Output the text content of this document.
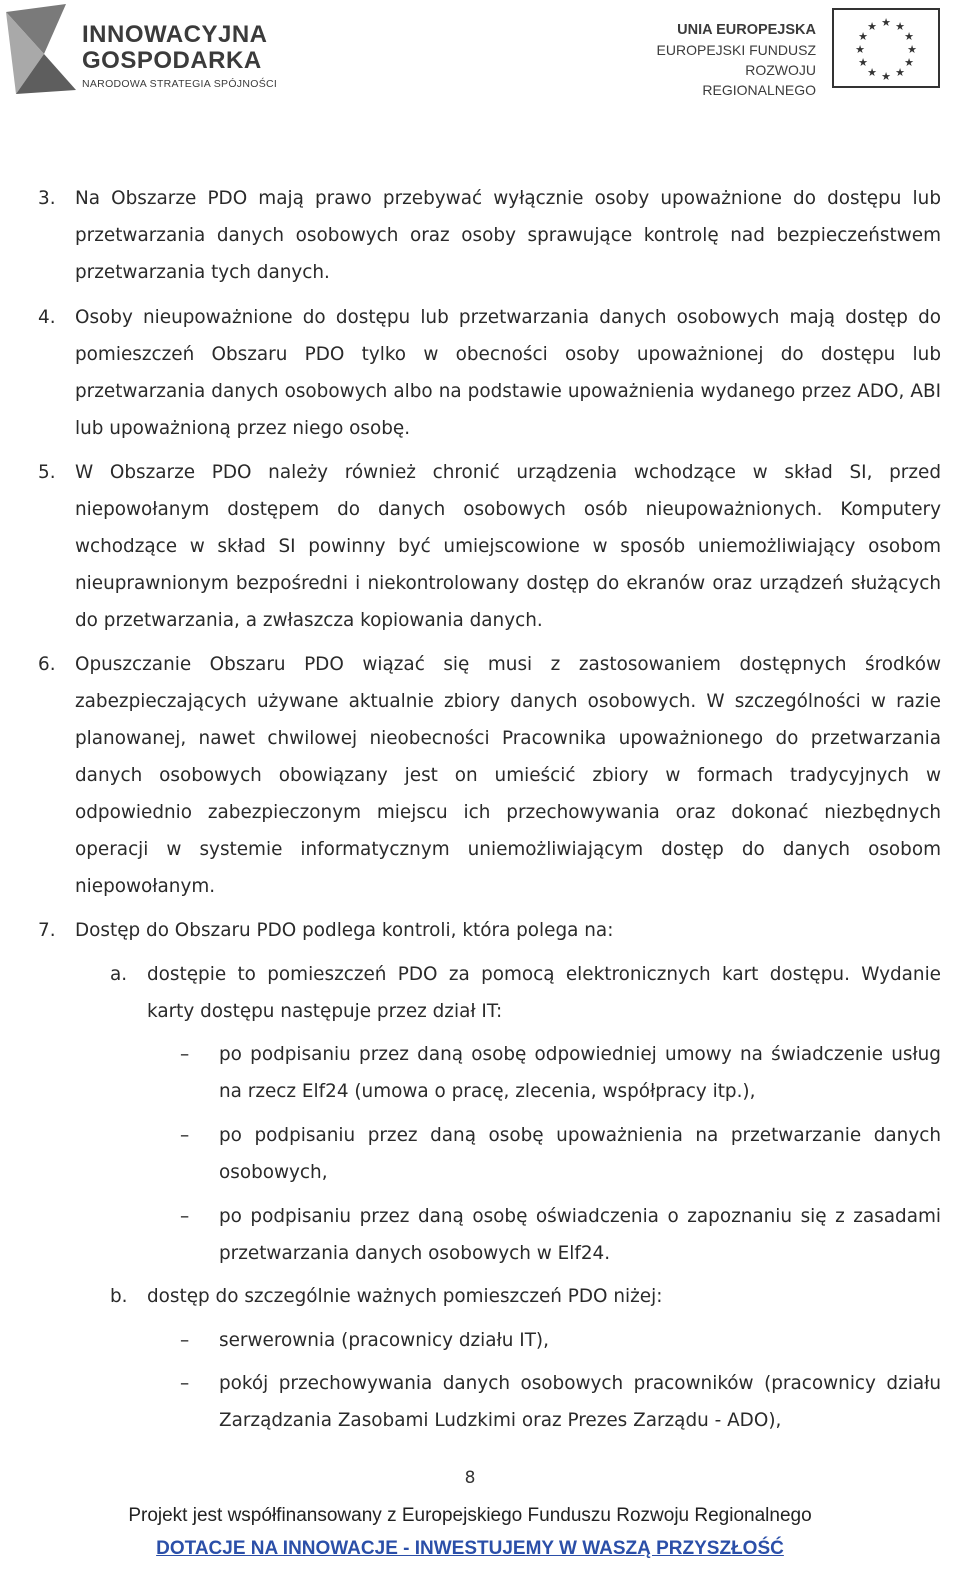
INNOWACYJNA
GOSPODARKA
NARODOWA STRATEGIA SPÓJNOŚCI
UNIA EUROPEJSKA
EUROPEJSKI FUNDUSZ
ROZWOJU REGIONALNEGO
★ ★
★
★
★
★
★
★
★
★
★
★
3. Na Obszarze PDO mają prawo przebywać wyłącznie osoby upoważnione do dostępu lub przetwarzania danych osobowych oraz osoby sprawujące kontrolę nad bezpieczeństwem przetwarzania tych danych.
4. Osoby nieupoważnione do dostępu lub przetwarzania danych osobowych mają dostęp do pomieszczeń Obszaru PDO tylko w obecności osoby upoważnionej do dostępu lub przetwarzania danych osobowych albo na podstawie upoważnienia wydanego przez ADO, ABI lub upoważnioną przez niego osobę.
5. W Obszarze PDO należy również chronić urządzenia wchodzące w skład SI, przed niepowołanym dostępem do danych osobowych osób nieupoważnionych. Komputery wchodzące w skład SI powinny być umiejscowione w sposób uniemożliwiający osobom nieuprawnionym bezpośredni i niekontrolowany dostęp do ekranów oraz urządzeń służących do przetwarzania, a zwłaszcza kopiowania danych.
6. Opuszczanie Obszaru PDO wiązać się musi z zastosowaniem dostępnych środków zabezpieczających używane aktualnie zbiory danych osobowych. W szczególności w razie planowanej, nawet chwilowej nieobecności Pracownika upoważnionego do przetwarzania danych osobowych obowiązany jest on umieścić zbiory w formach tradycyjnych w odpowiednio zabezpieczonym miejscu ich przechowywania oraz dokonać niezbędnych operacji w systemie informatycznym uniemożliwiającym dostęp do danych osobom niepowołanym.
7. Dostęp do Obszaru PDO podlega kontroli, która polega na:
a. dostępie to pomieszczeń PDO za pomocą elektronicznych kart dostępu. Wydanie karty dostępu następuje przez dział IT:
– po podpisaniu przez daną osobę odpowiedniej umowy na świadczenie usług na rzecz Elf24 (umowa o pracę, zlecenia, współpracy itp.),
– po podpisaniu przez daną osobę upoważnienia na przetwarzanie danych osobowych,
– po podpisaniu przez daną osobę oświadczenia o zapoznaniu się z zasadami przetwarzania danych osobowych w Elf24.
b. dostęp do szczególnie ważnych pomieszczeń PDO niżej:
– serwerownia (pracownicy działu IT),
– pokój przechowywania danych osobowych pracowników (pracownicy działu Zarządzania Zasobami Ludzkimi oraz Prezes Zarządu - ADO),
8
Projekt jest współfinansowany z Europejskiego Funduszu Rozwoju Regionalnego
DOTACJE NA INNOWACJE - INWESTUJEMY W WASZĄ PRZYSZŁOŚĆ
